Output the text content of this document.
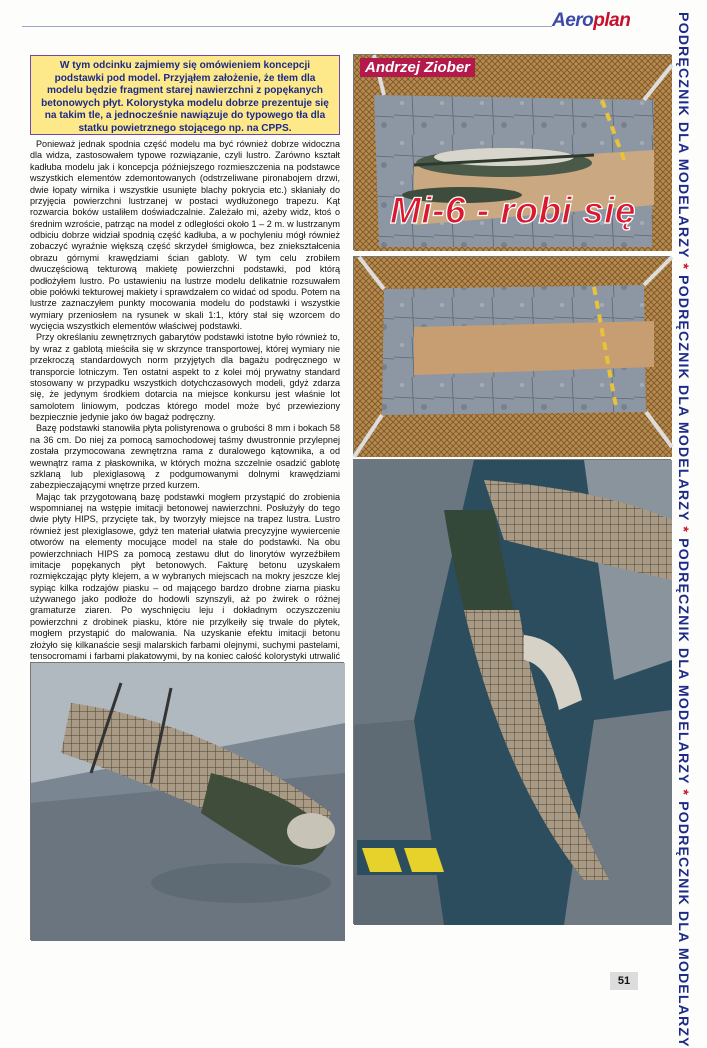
Aeroplan	PODRĘCZNIK DLA MODELARZY * PODRĘCZNIK DLA MODELARZY * PODRĘCZNIK DLA MODELARZY * PODRĘCZNIK DLA MODELARZY
W tym odcinku zajmiemy się omówieniem koncepcji podstawki pod model. Przyjąłem założenie, że tłem dla modelu będzie fragment starej nawierzchni z popękanych betonowych płyt. Kolorystyka modelu dobrze prezentuje się na takim tle, a jednocześnie nawiązuje do typowego tła dla statku powietrznego stojącego np. na CPPS.

Ponieważ jednak spodnia część modelu ma być również dobrze widoczna dla widza, zastosowałem typowe rozwiązanie, czyli lustro. Zarówno kształt kadłuba modelu jak i koncepcja późniejszego rozmieszczenia na podstawce wszystkich elementów zdemontowanych (odstrzeliwane pironabojem drzwi, dwie łopaty wirnika i wszystkie usunięte blachy pokrycia etc.) skłaniały do przyjęcia powierzchni lustrzanej w postaci wydłużonego trapezu. Kąt rozwarcia boków ustaliłem doświadczalnie. Zależało mi, ażeby widz, ktoś o średnim wzroście, patrząc na model z odległości około 1 – 2 m. w lustrzanym odbiciu dobrze widział spodnią część kadłuba, a w pochyleniu mógł również zobaczyć wyraźnie większą część skrzydeł śmigłowca, bez zniekształcenia obrazu górnymi krawędziami ścian gabloty. W tym celu zrobiłem dwuczęściową tekturową makietę powierzchni podstawki, pod którą podłożyłem lustro. Po ustawieniu na lustrze modelu delikatnie rozsuwałem obie połówki tekturowej makiety i sprawdzałem co widać od spodu. Potem na lustrze zaznaczyłem punkty mocowania modelu do podstawki i wszystkie wymiary przeniosłem na rysunek w skali 1:1, który stał się wzorcem do wycięcia wszystkich elementów właściwej podstawki.

Przy określaniu zewnętrznych gabarytów podstawki istotne było również to, by wraz z gablotą mieściła się w skrzynce transportowej, której wymiary nie przekroczą standardowych norm przyjętych dla bagażu podręcznego w transporcie lotniczym. Ten ostatni aspekt to z kolei mój prywatny standard stosowany w przypadku wszystkich dotychczasowych modeli, gdyż zdarza się, że jedynym środkiem dotarcia na miejsce konkursu jest właśnie lot samolotem liniowym, podczas którego model może być przewieziony bezpiecznie jedynie jako ów bagaż podręczny.

Bazę podstawki stanowiła płyta polistyrenowa o grubości 8 mm i bokach 58 na 36 cm. Do niej za pomocą samochodowej taśmy dwustronnie przylepnej została przymocowana zewnętrzna rama z duralowego kątownika, a od wewnątrz rama z płaskownika, w których można szczelnie osadzić gablotę szklaną lub plexiglasową z podgumowanymi dolnymi krawędziami zabezpieczającymi wnętrze przed kurzem.

Mając tak przygotowaną bazę podstawki mogłem przystąpić do zrobienia wspomnianej na wstępie imitacji betonowej nawierzchni. Posłużyły do tego dwie płyty HIPS, przycięte tak, by tworzyły miejsce na trapez lustra. Lustro również jest plexiglasowe, gdyż ten materiał ułatwia precyzyjne wywiercenie otworów na elementy mocujące model na stałe do podstawki. Na obu powierzchniach HIPS za pomocą zestawu dłut do linorytów wyrzeźbiłem imitacje popękanych płyt betonowych. Fakturę betonu uzyskałem rozmiękczając płyty klejem, a w wybranych miejscach na mokry jeszcze klej sypiąc kilka rodzajów piasku – od mającego bardzo drobne ziarna piasku używanego jako podłoże do hodowli szynszyli, aż po żwirek o różnej gramaturze ziaren. Po wyschnięciu leju i dokładnym oczyszczeniu powierzchni z drobinek piasku, które nie przylkeiły się trwale do płytek, mogłem przystąpić do malowania. Na uzyskanie efektu imitacji betonu złożyło się kilkanaście sesji malarskich farbami olejnymi, suchymi pastelami, tensocromami i farbami plakatowymi, by na koniec całość kolorystyki utrwalić

Andrzej Ziober
Mi-6 - robi się
51
